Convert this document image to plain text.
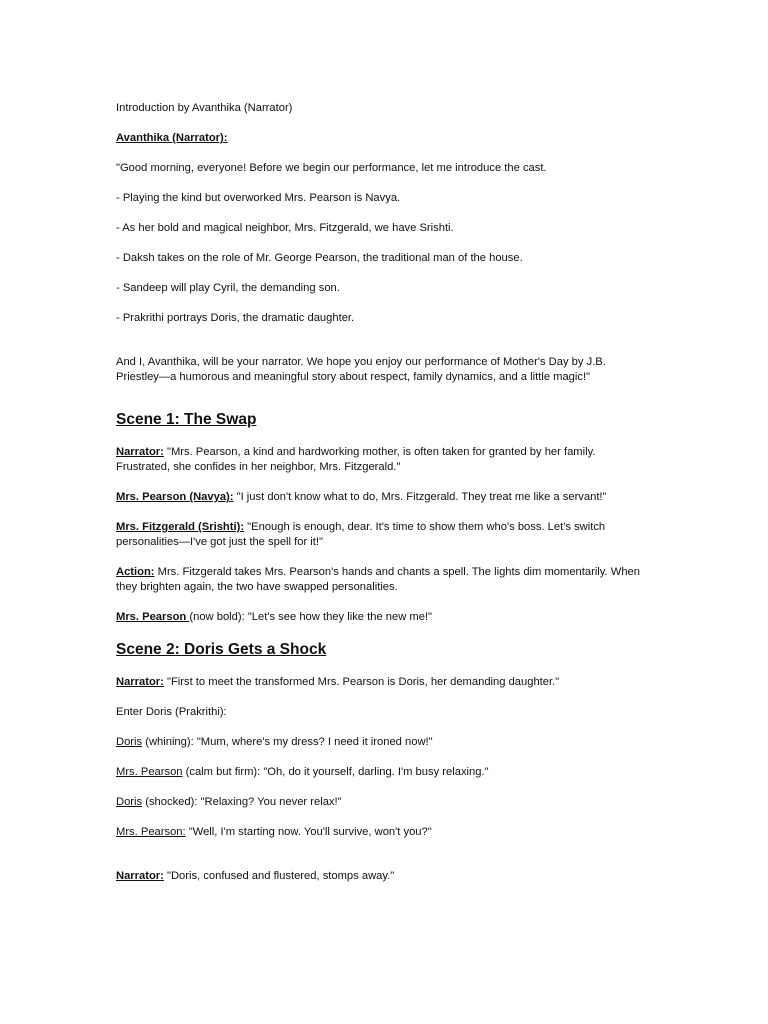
Introduction by Avanthika (Narrator)

Avanthika (Narrator):

"Good morning, everyone! Before we begin our performance, let me introduce the cast.

- Playing the kind but overworked Mrs. Pearson is Navya.

- As her bold and magical neighbor, Mrs. Fitzgerald, we have Srishti.

- Daksh takes on the role of Mr. George Pearson, the traditional man of the house.

- Sandeep will play Cyril, the demanding son.

- Prakrithi portrays Doris, the dramatic daughter.

And I, Avanthika, will be your narrator. We hope you enjoy our performance of Mother's Day by J.B. Priestley—a humorous and meaningful story about respect, family dynamics, and a little magic!"

Scene 1: The Swap

Narrator: "Mrs. Pearson, a kind and hardworking mother, is often taken for granted by her family. Frustrated, she confides in her neighbor, Mrs. Fitzgerald."

Mrs. Pearson (Navya): "I just don't know what to do, Mrs. Fitzgerald. They treat me like a servant!"

Mrs. Fitzgerald (Srishti): "Enough is enough, dear. It's time to show them who's boss. Let's switch personalities—I've got just the spell for it!"

Action: Mrs. Fitzgerald takes Mrs. Pearson's hands and chants a spell. The lights dim momentarily. When they brighten again, the two have swapped personalities.

Mrs. Pearson (now bold): "Let's see how they like the new me!"

Scene 2: Doris Gets a Shock

Narrator: "First to meet the transformed Mrs. Pearson is Doris, her demanding daughter."

Enter Doris (Prakrithi):

Doris (whining): "Mum, where's my dress? I need it ironed now!"

Mrs. Pearson (calm but firm): "Oh, do it yourself, darling. I'm busy relaxing."

Doris (shocked): "Relaxing? You never relax!"

Mrs. Pearson: "Well, I'm starting now. You'll survive, won't you?"

Narrator: "Doris, confused and flustered, stomps away."
